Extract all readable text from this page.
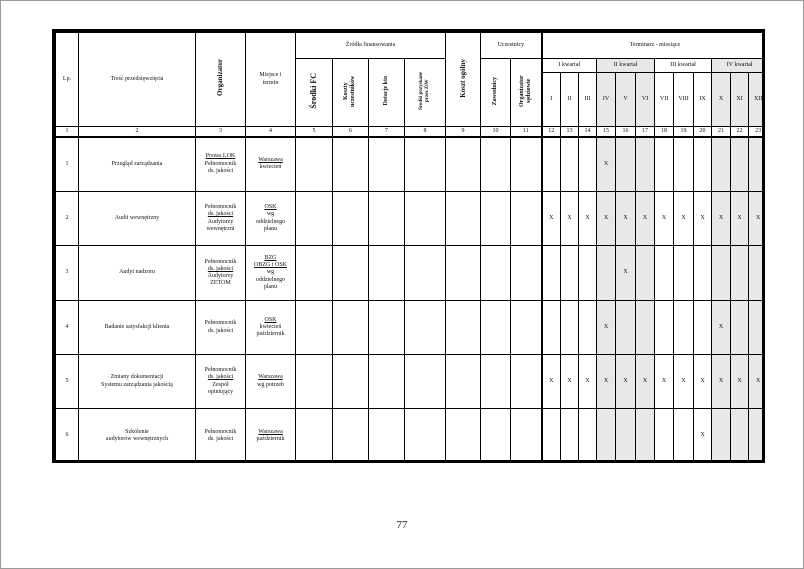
Lp.	Treść przedsięwzięcia	Organizator	Miejsce i termin	Źródła finansowania				Koszt ogólny	Uczestnicy		Terminarz - miesiące											
				Środki FC	Koszty uczestników	Dotacje kto	Środki pozyskane przez ZiW		Zawodnicy	Organizator sędziowie	I kwartał			II kwartał			III kwartał			IV kwartał		
											I	II	III	IV	V	VI	VII	VIII	IX	X	XI	XII
1	2	3	4	5	6	7	8	9	10	11	12	13	14	15	16	17	18	19	20	21	22	23
1	Przegląd zarządzania	Prezes LOK
Pełnomocnik
ds. jakości	Warszawa
kwiecień											X								
2	Audit wewnętrzny	Pełnomocnik
ds. jakości
Audytorzy
wewnętrzni	OSK
wg
oddzielnego
planu								X	X	X	X	X	X	X	X	X	X	X	X
3	Audyt nadzoru	Pełnomocnik
ds. jakości
Audytorzy
ZETOM	BZG
OBZG i OSK
wg
oddzielnego
planu												X							
4	Badanie satysfakcji klienta	Pełnomocnik
ds. jakości	OSK
kwiecień
październik											X						X		
5	Zmiany dokumentacji
Systemu zarządzania jakością	Pełnomocnik
ds. jakości
Zespół
opiniujący	Warszawa
wg potrzeb								X	X	X	X	X	X	X	X	X	X	X	X
6	Szkolenie
audytorów wewnętrznych	Pełnomocnik
ds. jakości	Warszawa
październik																X			
77
